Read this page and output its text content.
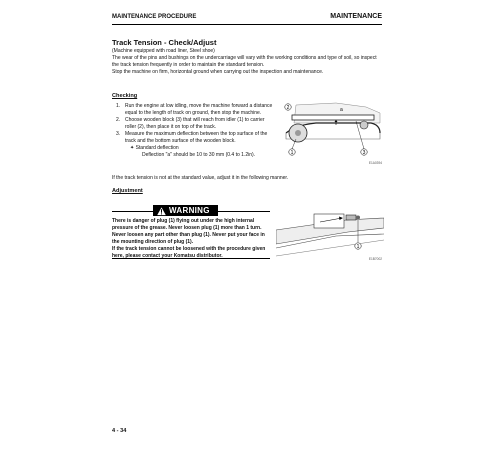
MAINTENANCE PROCEDURE	MAINTENANCE
Track Tension - Check/Adjust

(Machine equipped with road liner, Steel shoe)

The wear of the pins and bushings on the undercarriage will vary with the working conditions and type of soil, so inspect the track tension frequently in order to maintain the standard tension.

Stop the machine on firm, horizontal ground when carrying out the inspection and maintenance.

Checking
1. Run the engine at low idling, move the machine forward a distance equal to the length of track on ground, then stop the machine.
2. Choose wooden block (3) that will reach from idler (1) to carrier roller (2), then place it on top of the track.
3. Measure the maximum deflection between the top surface of the track and the bottom surface of the wooden block.
✦ Standard deflection
Deflection "a" should be 10 to 30 mm (0.4 to 1.2in).
2	a
1	3
E1A0394
If the track tension is not at the standard value, adjust it in the following manner.
Adjustment
WARNING

There is danger of plug (1) flying out under the high internal pressure of the grease. Never loosen plug (1) more than 1 turn.

Never loosen any part other than plug (1). Never put your face in the mounting direction of plug (1).

If the track tension cannot be loosened with the procedure given here, please contact your Komatsu distributor.

1
E1B7002
4 - 34
